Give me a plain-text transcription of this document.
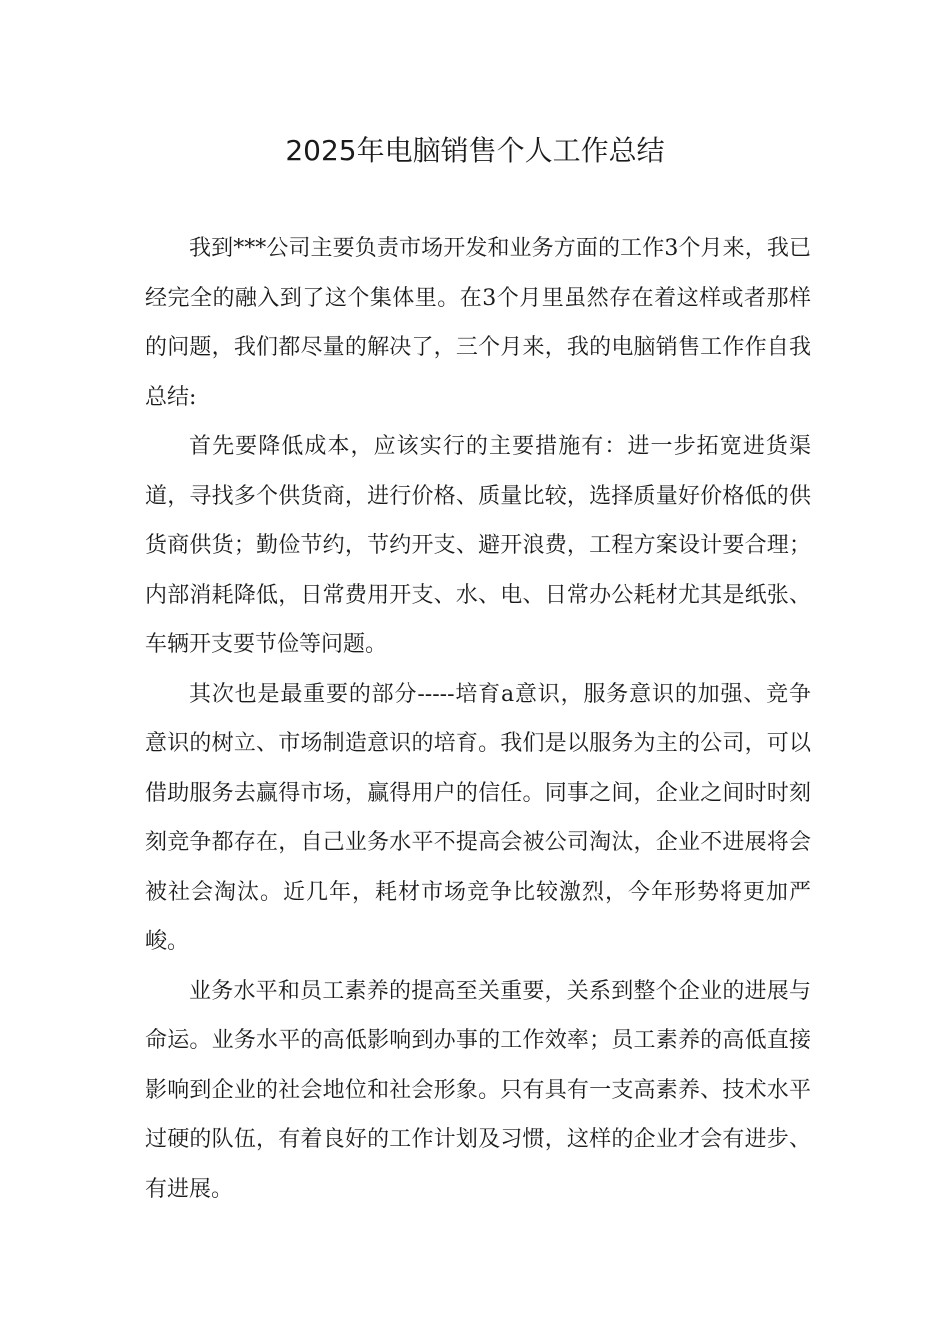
2025年电脑销售个人工作总结

我到***公司主要负责市场开发和业务方面的工作3个月来，我已经完全的融入到了这个集体里。在3个月里虽然存在着这样或者那样的问题，我们都尽量的解决了，三个月来，我的电脑销售工作作自我总结:

首先要降低成本，应该实行的主要措施有：进一步拓宽进货渠道，寻找多个供货商，进行价格、质量比较，选择质量好价格低的供货商供货；勤俭节约，节约开支、避开浪费，工程方案设计要合理；内部消耗降低，日常费用开支、水、电、日常办公耗材尤其是纸张、车辆开支要节俭等问题。

其次也是最重要的部分-----培育a意识，服务意识的加强、竞争意识的树立、市场制造意识的培育。我们是以服务为主的公司，可以借助服务去赢得市场，赢得用户的信任。同事之间，企业之间时时刻刻竞争都存在，自己业务水平不提高会被公司淘汰，企业不进展将会被社会淘汰。近几年，耗材市场竞争比较激烈，今年形势将更加严峻。

业务水平和员工素养的提高至关重要，关系到整个企业的进展与命运。业务水平的高低影响到办事的工作效率；员工素养的高低直接影响到企业的社会地位和社会形象。只有具有一支高素养、技术水平过硬的队伍，有着良好的工作计划及习惯，这样的企业才会有进步、有进展。
